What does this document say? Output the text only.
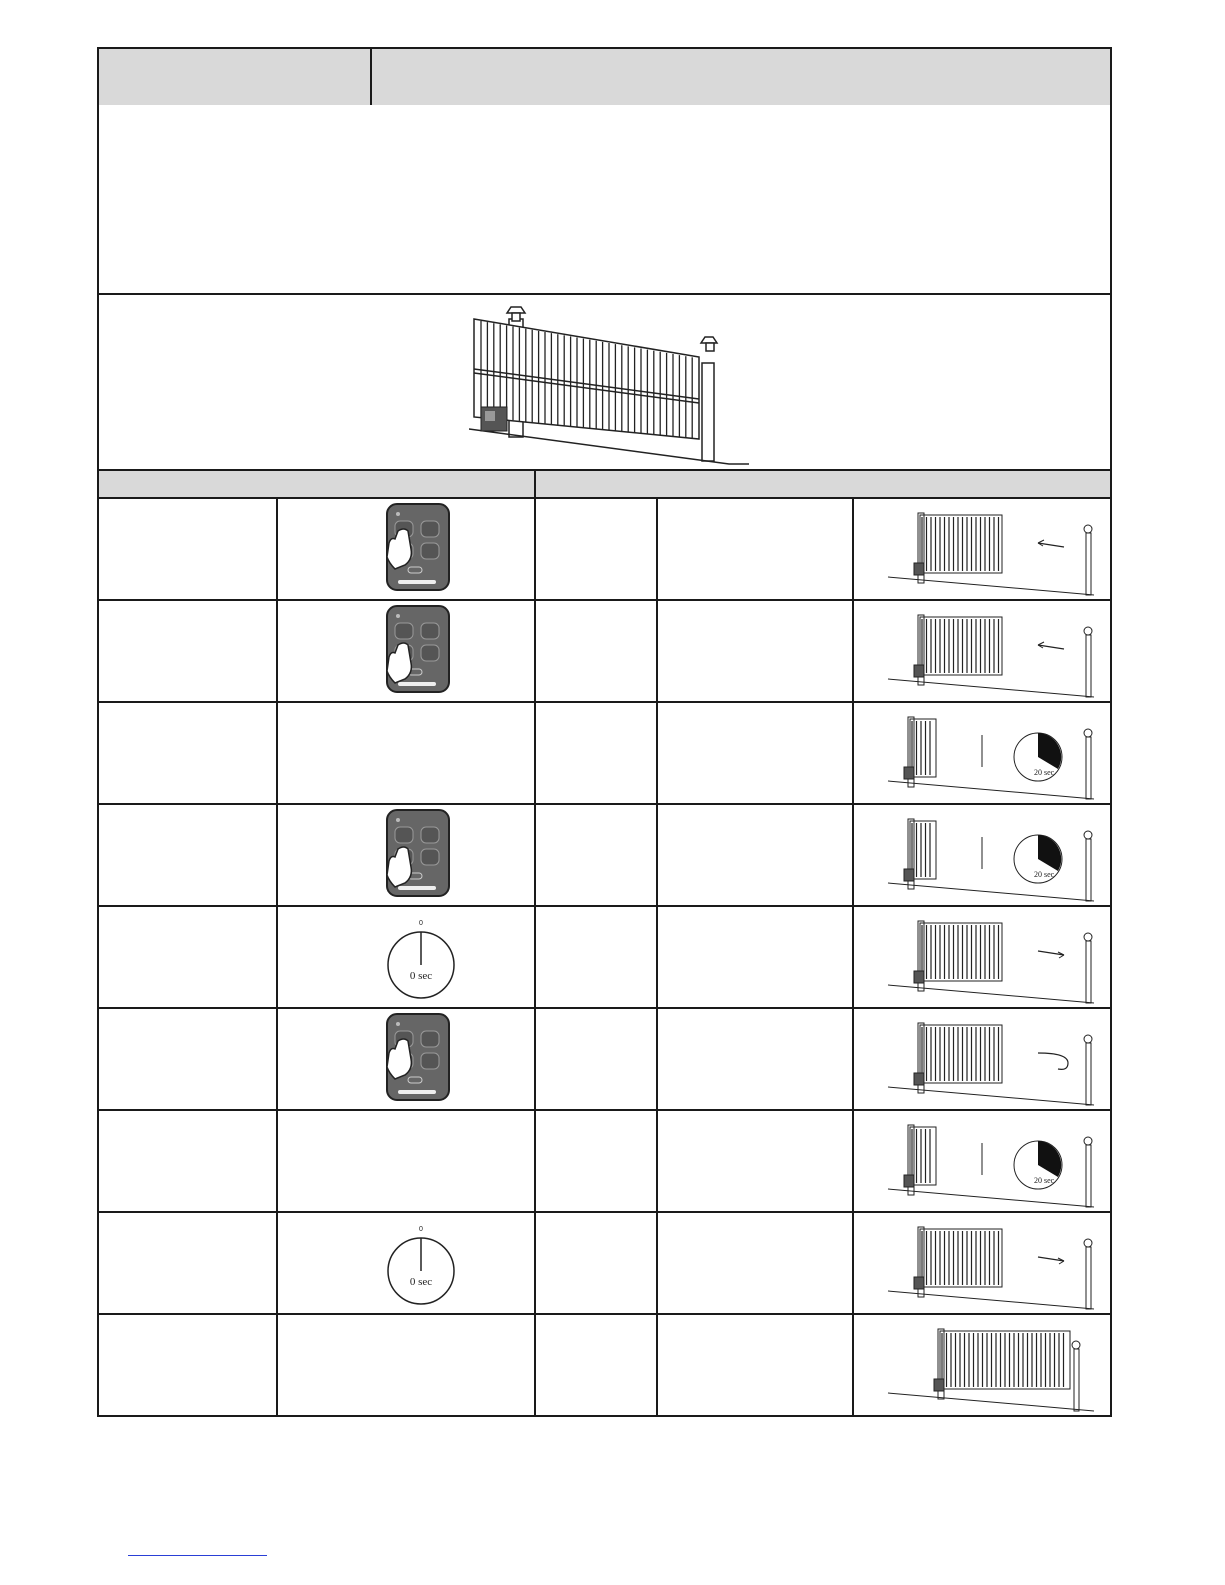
20 sec
20 sec
0
0 sec
20 sec
0
0 sec
